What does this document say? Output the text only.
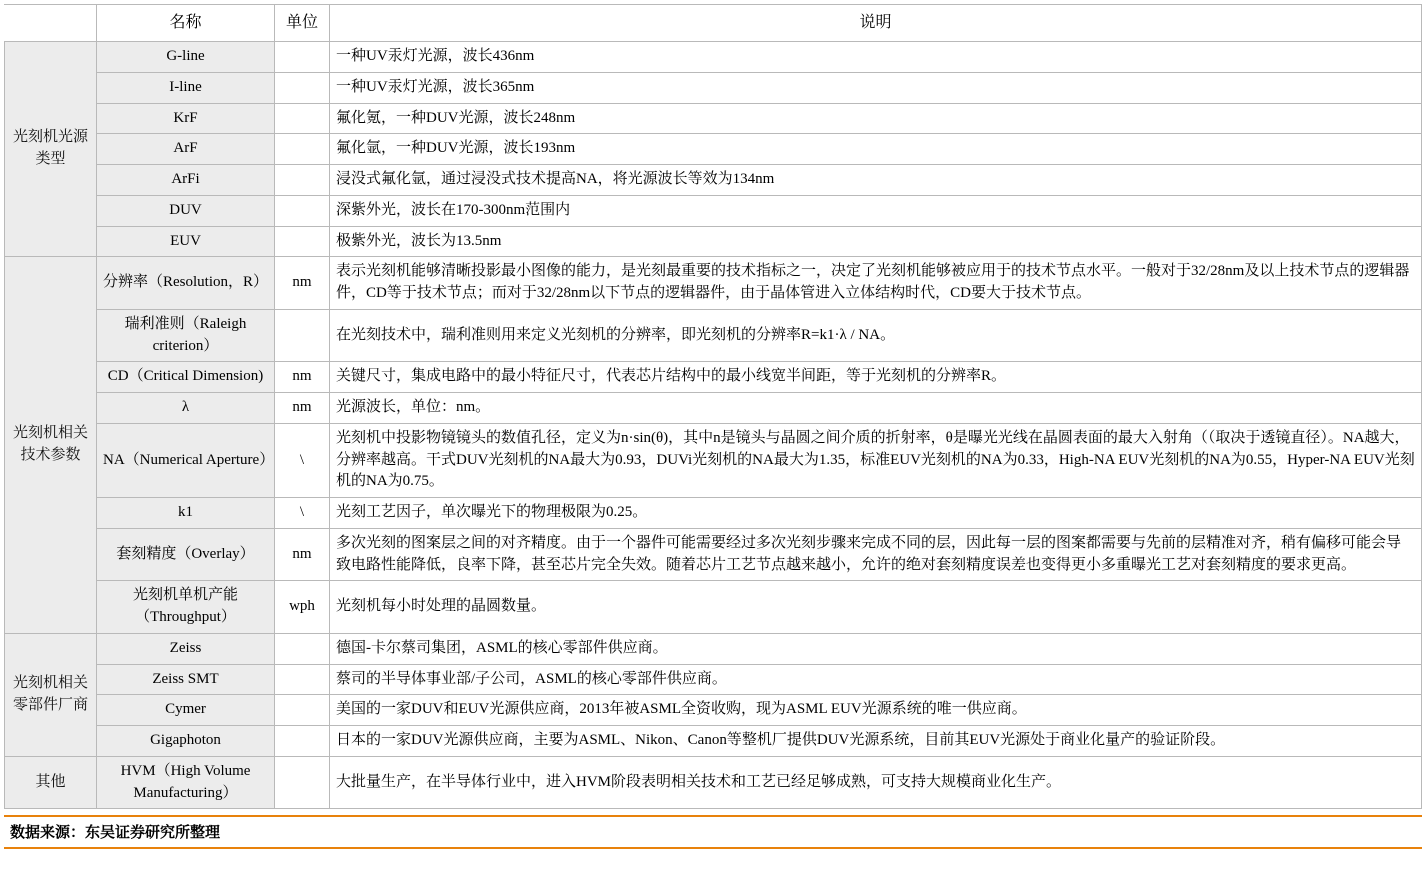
	名称	单位	说明
光刻机光源类型	G-line		一种UV汞灯光源，波长436nm
	I-line		一种UV汞灯光源，波长365nm
	KrF		氟化氪，一种DUV光源，波长248nm
	ArF		氟化氩，一种DUV光源，波长193nm
	ArFi		浸没式氟化氩，通过浸没式技术提高NA，将光源波长等效为134nm
	DUV		深紫外光，波长在170-300nm范围内
	EUV		极紫外光，波长为13.5nm
光刻机相关技术参数	分辨率（Resolution，R）	nm	表示光刻机能够清晰投影最小图像的能力，是光刻最重要的技术指标之一，决定了光刻机能够被应用于的技术节点水平。一般对于32/28nm及以上技术节点的逻辑器件，CD等于技术节点；而对于32/28nm以下节点的逻辑器件，由于晶体管进入立体结构时代，CD要大于技术节点。
	瑞利准则（Raleigh criterion）		在光刻技术中，瑞利准则用来定义光刻机的分辨率，即光刻机的分辨率R=k1·λ / NA。
	CD（Critical Dimension)	nm	关键尺寸，集成电路中的最小特征尺寸，代表芯片结构中的最小线宽半间距，等于光刻机的分辨率R。
	λ	nm	光源波长，单位：nm。
	NA（Numerical Aperture）	\	光刻机中投影物镜镜头的数值孔径，定义为n·sin(θ)，其中n是镜头与晶圆之间介质的折射率，θ是曝光光线在晶圆表面的最大入射角（（取决于透镜直径）。NA越大，分辨率越高。干式DUV光刻机的NA最大为0.93，DUVi光刻机的NA最大为1.35，标准EUV光刻机的NA为0.33，High-NA EUV光刻机的NA为0.55，Hyper-NA EUV光刻机的NA为0.75。
	k1	\	光刻工艺因子，单次曝光下的物理极限为0.25。
	套刻精度（Overlay）	nm	多次光刻的图案层之间的对齐精度。由于一个器件可能需要经过多次光刻步骤来完成不同的层，因此每一层的图案都需要与先前的层精准对齐，稍有偏移可能会导致电路性能降低，良率下降，甚至芯片完全失效。随着芯片工艺节点越来越小，允许的绝对套刻精度误差也变得更小多重曝光工艺对套刻精度的要求更高。
	光刻机单机产能（Throughput）	wph	光刻机每小时处理的晶圆数量。
光刻机相关零部件厂商	Zeiss		德国-卡尔蔡司集团，ASML的核心零部件供应商。
	Zeiss SMT		蔡司的半导体事业部/子公司，ASML的核心零部件供应商。
	Cymer		美国的一家DUV和EUV光源供应商，2013年被ASML全资收购，现为ASML EUV光源系统的唯一供应商。
	Gigaphoton		日本的一家DUV光源供应商，主要为ASML、Nikon、Canon等整机厂提供DUV光源系统，目前其EUV光源处于商业化量产的验证阶段。
其他	HVM（High Volume Manufacturing）		大批量生产，在半导体行业中，进入HVM阶段表明相关技术和工艺已经足够成熟，可支持大规模商业化生产。
数据来源：东吴证券研究所整理
